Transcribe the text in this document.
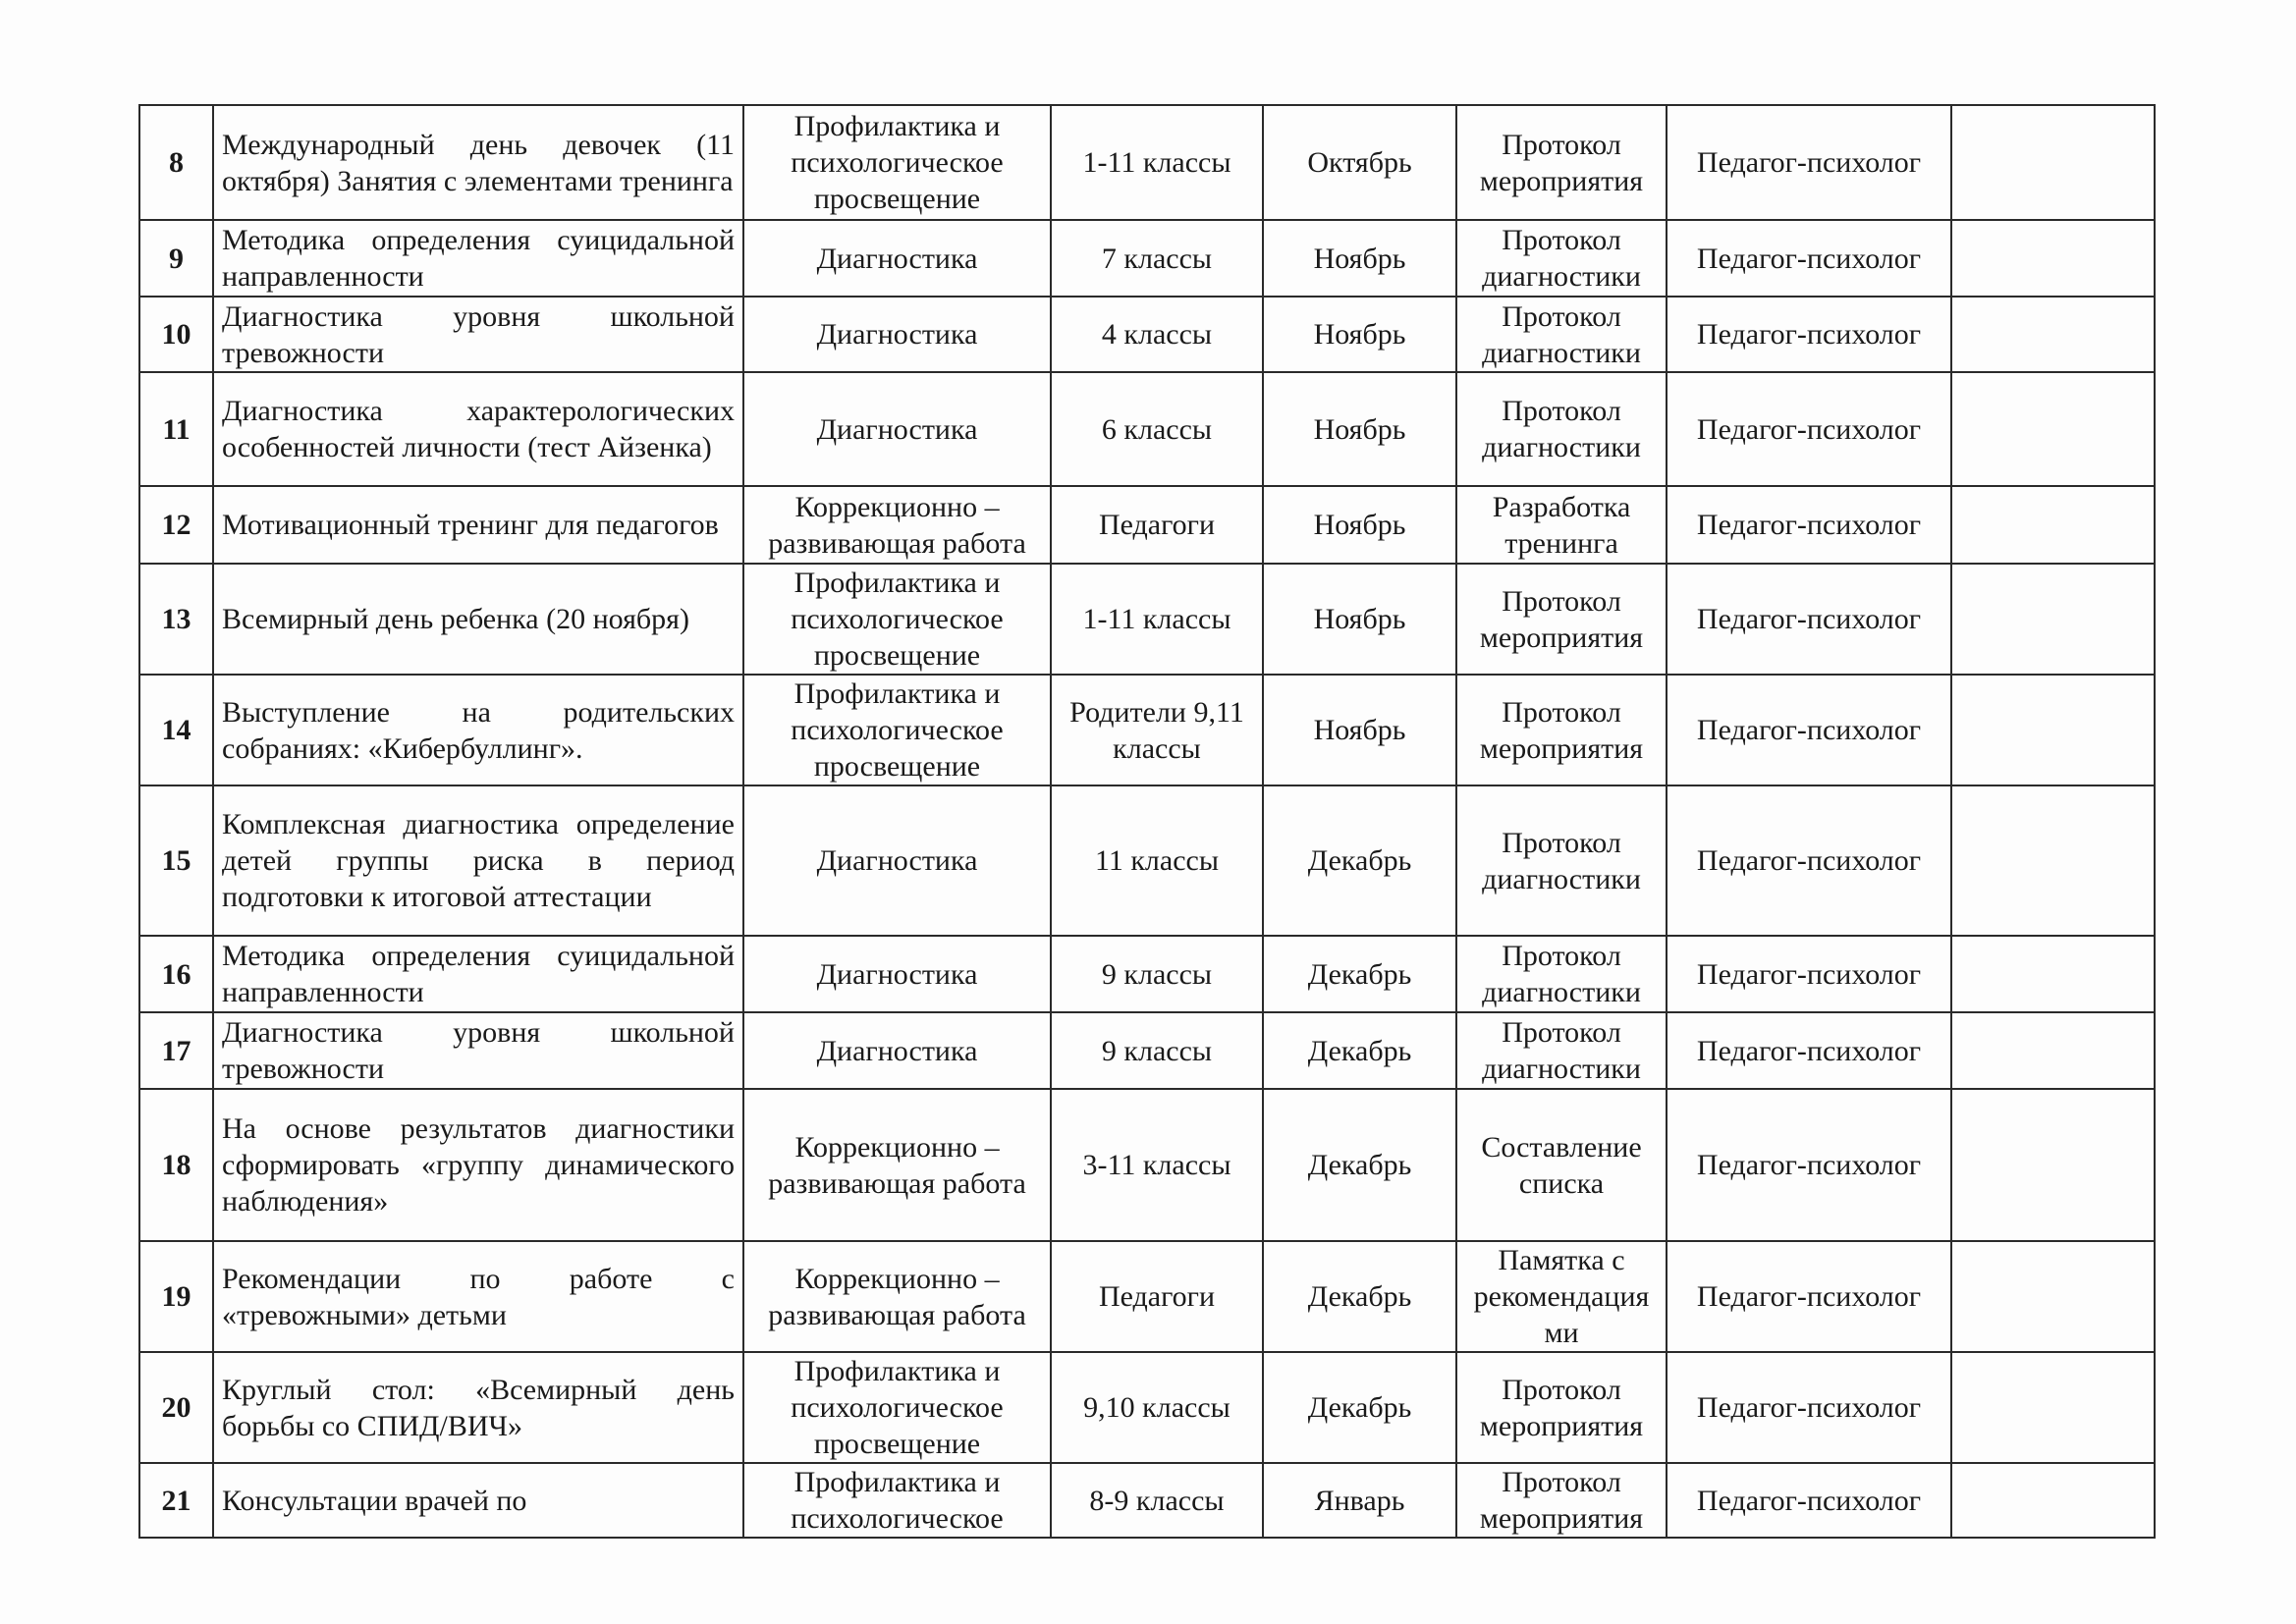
8	Международный день девочек (11 октября) Занятия с элементами тренинга	Профилактика и психологическое просвещение	1-11 классы	Октябрь	Протокол мероприятия	Педагог-психолог	
9	Методика определения суицидальной направленности	Диагностика	7 классы	Ноябрь	Протокол диагностики	Педагог-психолог	
10	Диагностика уровня школьной тревожности	Диагностика	4 классы	Ноябрь	Протокол диагностики	Педагог-психолог	
11	Диагностика характерологических особенностей личности (тест Айзенка)	Диагностика	6 классы	Ноябрь	Протокол диагностики	Педагог-психолог	
12	Мотивационный тренинг для педагогов	Коррекционно – развивающая работа	Педагоги	Ноябрь	Разработка тренинга	Педагог-психолог	
13	Всемирный день ребенка (20 ноября)	Профилактика и психологическое просвещение	1-11 классы	Ноябрь	Протокол мероприятия	Педагог-психолог	
14	Выступление на родительских собраниях: «Кибербуллинг».	Профилактика и психологическое просвещение	Родители 9,11 классы	Ноябрь	Протокол мероприятия	Педагог-психолог	
15	Комплексная диагностика определение детей группы риска в период подготовки к итоговой аттестации	Диагностика	11 классы	Декабрь	Протокол диагностики	Педагог-психолог	
16	Методика определения суицидальной направленности	Диагностика	9 классы	Декабрь	Протокол диагностики	Педагог-психолог	
17	Диагностика уровня школьной тревожности	Диагностика	9 классы	Декабрь	Протокол диагностики	Педагог-психолог	
18	На основе результатов диагностики сформировать «группу динамического наблюдения»	Коррекционно – развивающая работа	3-11 классы	Декабрь	Составление списка	Педагог-психолог	
19	Рекомендации по работе с «тревожными» детьми	Коррекционно – развивающая работа	Педагоги	Декабрь	Памятка с рекомендация ми	Педагог-психолог	
20	Круглый стол: «Всемирный день борьбы со СПИД/ВИЧ»	Профилактика и психологическое просвещение	9,10 классы	Декабрь	Протокол мероприятия	Педагог-психолог	
21	Консультации врачей по	Профилактика и психологическое	8-9 классы	Январь	Протокол мероприятия	Педагог-психолог	
